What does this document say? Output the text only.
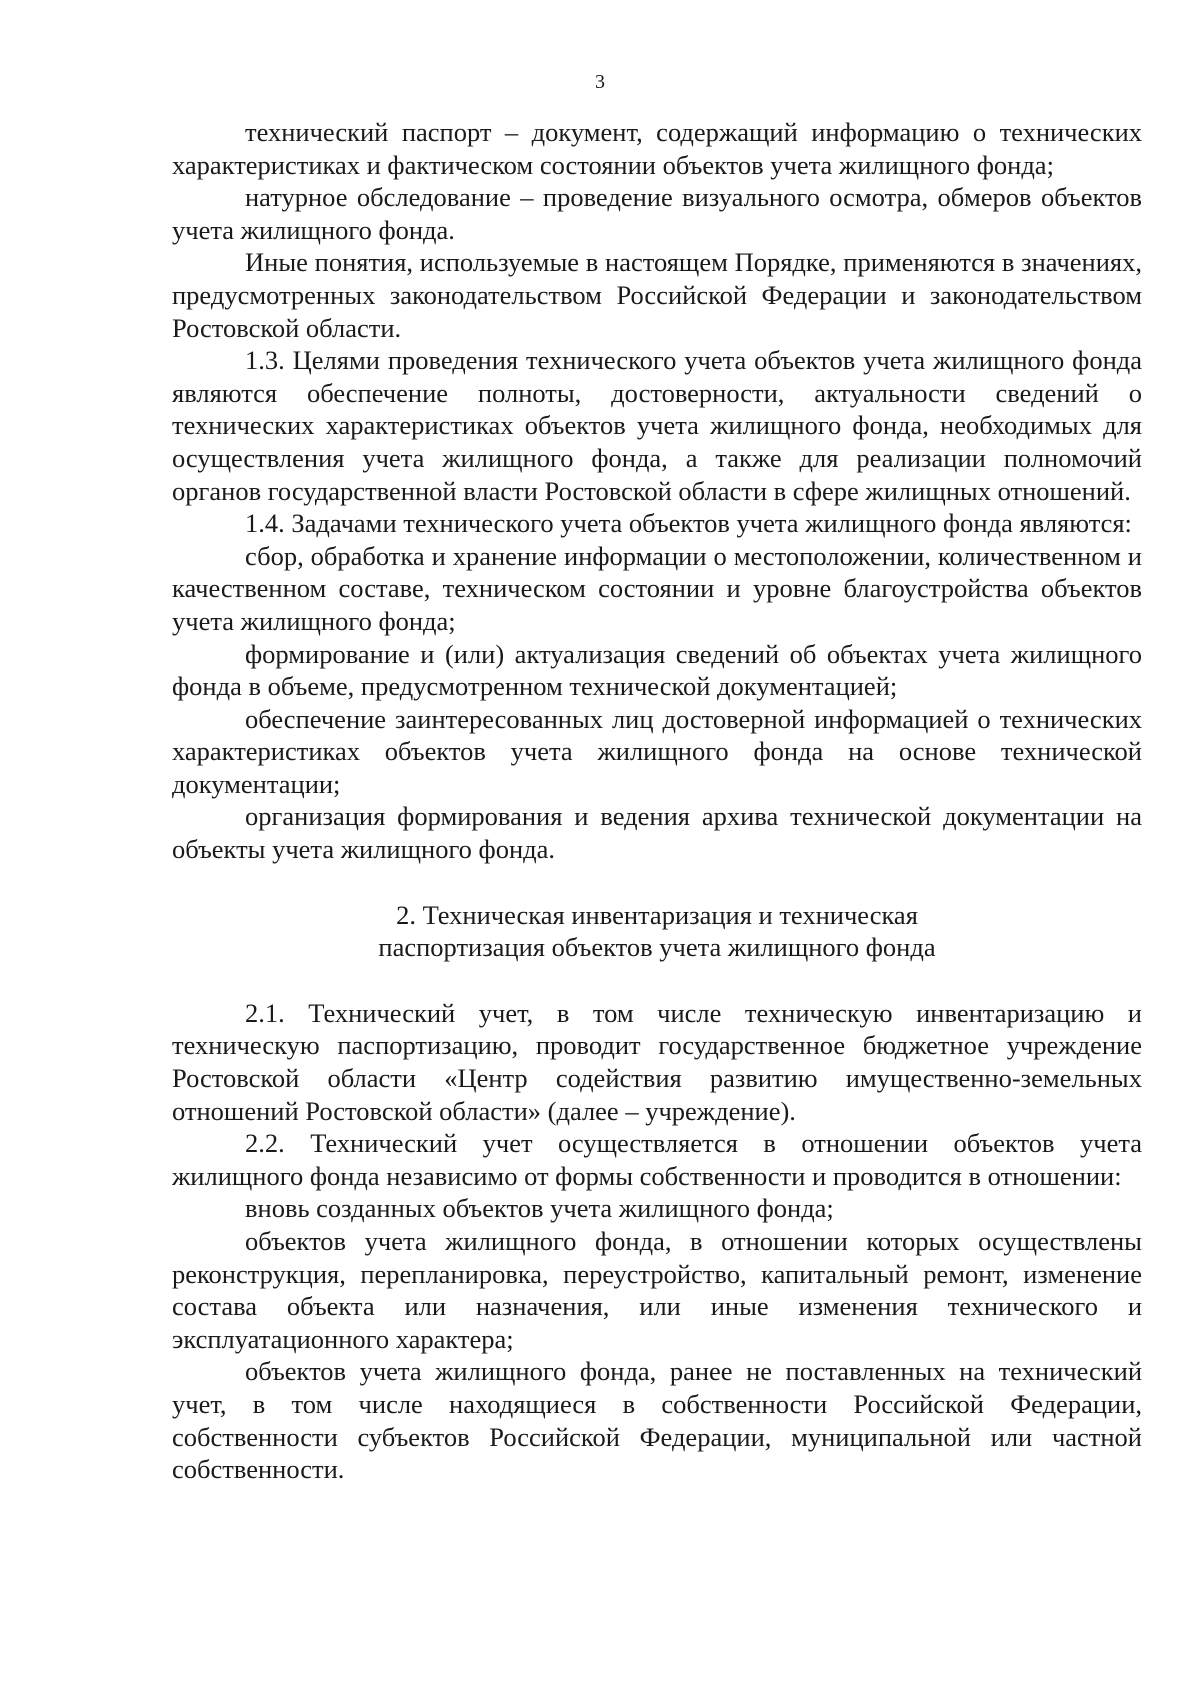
3

технический паспорт – документ, содержащий информацию о технических характеристиках и фактическом состоянии объектов учета жилищного фонда;

натурное обследование – проведение визуального осмотра, обмеров объектов учета жилищного фонда.

Иные понятия, используемые в настоящем Порядке, применяются в значениях, предусмотренных законодательством Российской Федерации и законодательством Ростовской области.

1.3. Целями проведения технического учета объектов учета жилищного фонда являются обеспечение полноты, достоверности, актуальности сведений о технических характеристиках объектов учета жилищного фонда, необходимых для осуществления учета жилищного фонда, а также для реализации полномочий органов государственной власти Ростовской области в сфере жилищных отношений.

1.4. Задачами технического учета объектов учета жилищного фонда являются:

сбор, обработка и хранение информации о местоположении, количественном и качественном составе, техническом состоянии и уровне благоустройства объектов учета жилищного фонда;

формирование и (или) актуализация сведений об объектах учета жилищного фонда в объеме, предусмотренном технической документацией;

обеспечение заинтересованных лиц достоверной информацией о технических характеристиках объектов учета жилищного фонда на основе технической документации;

организация формирования и ведения архива технической документации на объекты учета жилищного фонда.

2. Техническая инвентаризация и техническая
паспортизация объектов учета жилищного фонда

2.1. Технический учет, в том числе техническую инвентаризацию и техническую паспортизацию, проводит государственное бюджетное учреждение Ростовской области «Центр содействия развитию имущественно-земельных отношений Ростовской области» (далее – учреждение).

2.2. Технический учет осуществляется в отношении объектов учета жилищного фонда независимо от формы собственности и проводится в отношении:

вновь созданных объектов учета жилищного фонда;

объектов учета жилищного фонда, в отношении которых осуществлены реконструкция, перепланировка, переустройство, капитальный ремонт, изменение состава объекта или назначения, или иные изменения технического и эксплуатационного характера;

объектов учета жилищного фонда, ранее не поставленных на технический учет, в том числе находящиеся в собственности Российской Федерации, собственности субъектов Российской Федерации, муниципальной или частной собственности.
